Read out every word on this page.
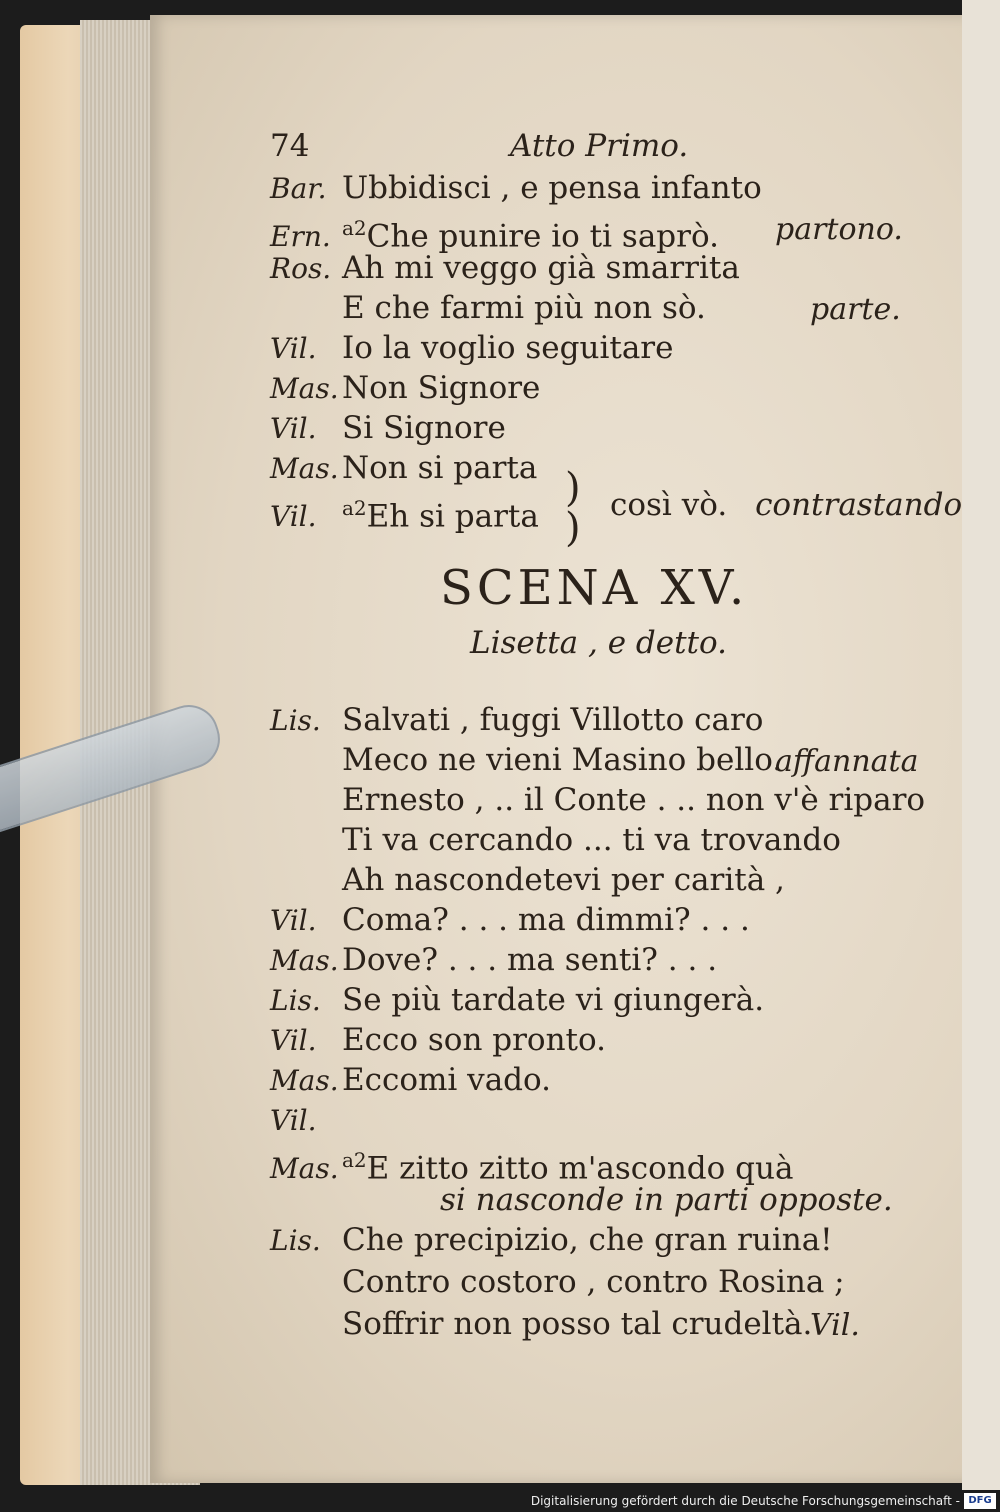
74	Atto Primo.
Bar. Ubbidisci , e pensa infanto
Ern. $^{a2}$Che punire io ti saprò. partono.
Ros. Ah mi veggo già smarrita
E che farmi più non sò.	parte.
Vil. Io la voglio seguitare
Mas. Non Signore
Vil. Si Signore
Mas. Non si parta
Vil. $^{a2}$Eh si parta
)
) così vò. contrastando
SCENA XV.
Lisetta , e detto.
Lis. Salvati , fuggi Villotto caro
Meco ne vieni Masino bello.
affannata
Ernesto , .. il Conte . .. non v'è riparo
Ti va cercando ... ti va trovando
Ah nascondetevi per carità ,
Vil. Coma? . . . ma dimmi? . . .
Mas. Dove? . . . ma senti? . . .
Lis. Se più tardate vi giungerà.
Vil. Ecco son pronto.
Mas. Eccomi vado.
Vil.
Mas. $^{a2}$E zitto zitto m'ascondo quà
si nasconde in parti opposte.
Lis. Che precipizio, che gran ruina!
Contro costoro , contro Rosina ;
Soffrir non posso tal crudeltà.
Vil.
Digitalisierung gefördert durch die Deutsche Forschungsgemeinschaft - DFG
